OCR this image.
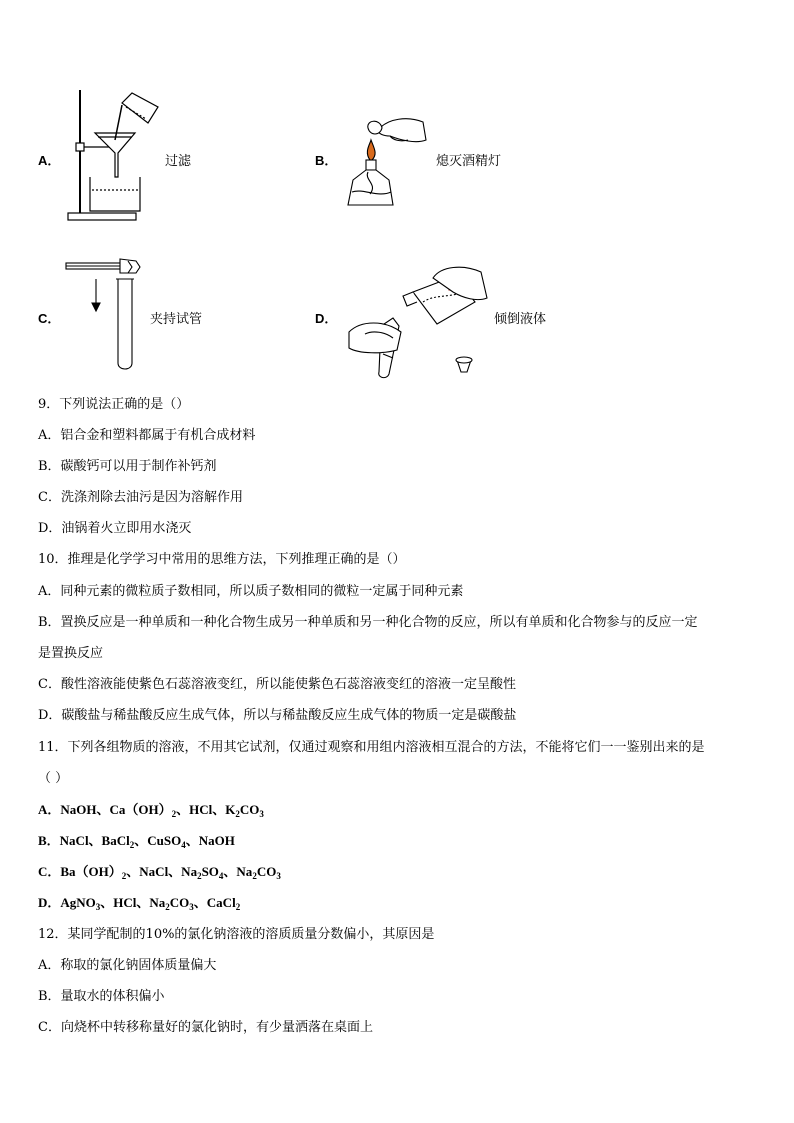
A．	过滤	B．	熄灭酒精灯
C．	夹持试管	D．	倾倒液体
9．下列说法正确的是（）
A．铝合金和塑料都属于有机合成材料
B．碳酸钙可以用于制作补钙剂
C．洗涤剂除去油污是因为溶解作用
D．油锅着火立即用水浇灭
10．推理是化学学习中常用的思维方法，下列推理正确的是（）
A．同种元素的微粒质子数相同，所以质子数相同的微粒一定属于同种元素
B．置换反应是一种单质和一种化合物生成另一种单质和另一种化合物的反应，所以有单质和化合物参与的反应一定
是置换反应
C．酸性溶液能使紫色石蕊溶液变红，所以能使紫色石蕊溶液变红的溶液一定呈酸性
D．碳酸盐与稀盐酸反应生成气体，所以与稀盐酸反应生成气体的物质一定是碳酸盐
11．下列各组物质的溶液，不用其它试剂，仅通过观察和用组内溶液相互混合的方法，不能将它们一一鉴别出来的是
（ ）
A．NaOH、$Ca(OH)_2$、HCl、$K_2CO_3$
B．NaCl、BaCl$_2$、CuSO$_4$、NaOH
C．$Ba(OH)_2$、NaCl、$Na_2SO_4$、$Na_2CO_3$
D．AgNO$_3$、HCl、$Na_2CO_3$、CaCl$_2$
12．某同学配制的10%的氯化钠溶液的溶质质量分数偏小，其原因是
A．称取的氯化钠固体质量偏大
B．量取水的体积偏小
C．向烧杯中转移称量好的氯化钠时，有少量洒落在桌面上
